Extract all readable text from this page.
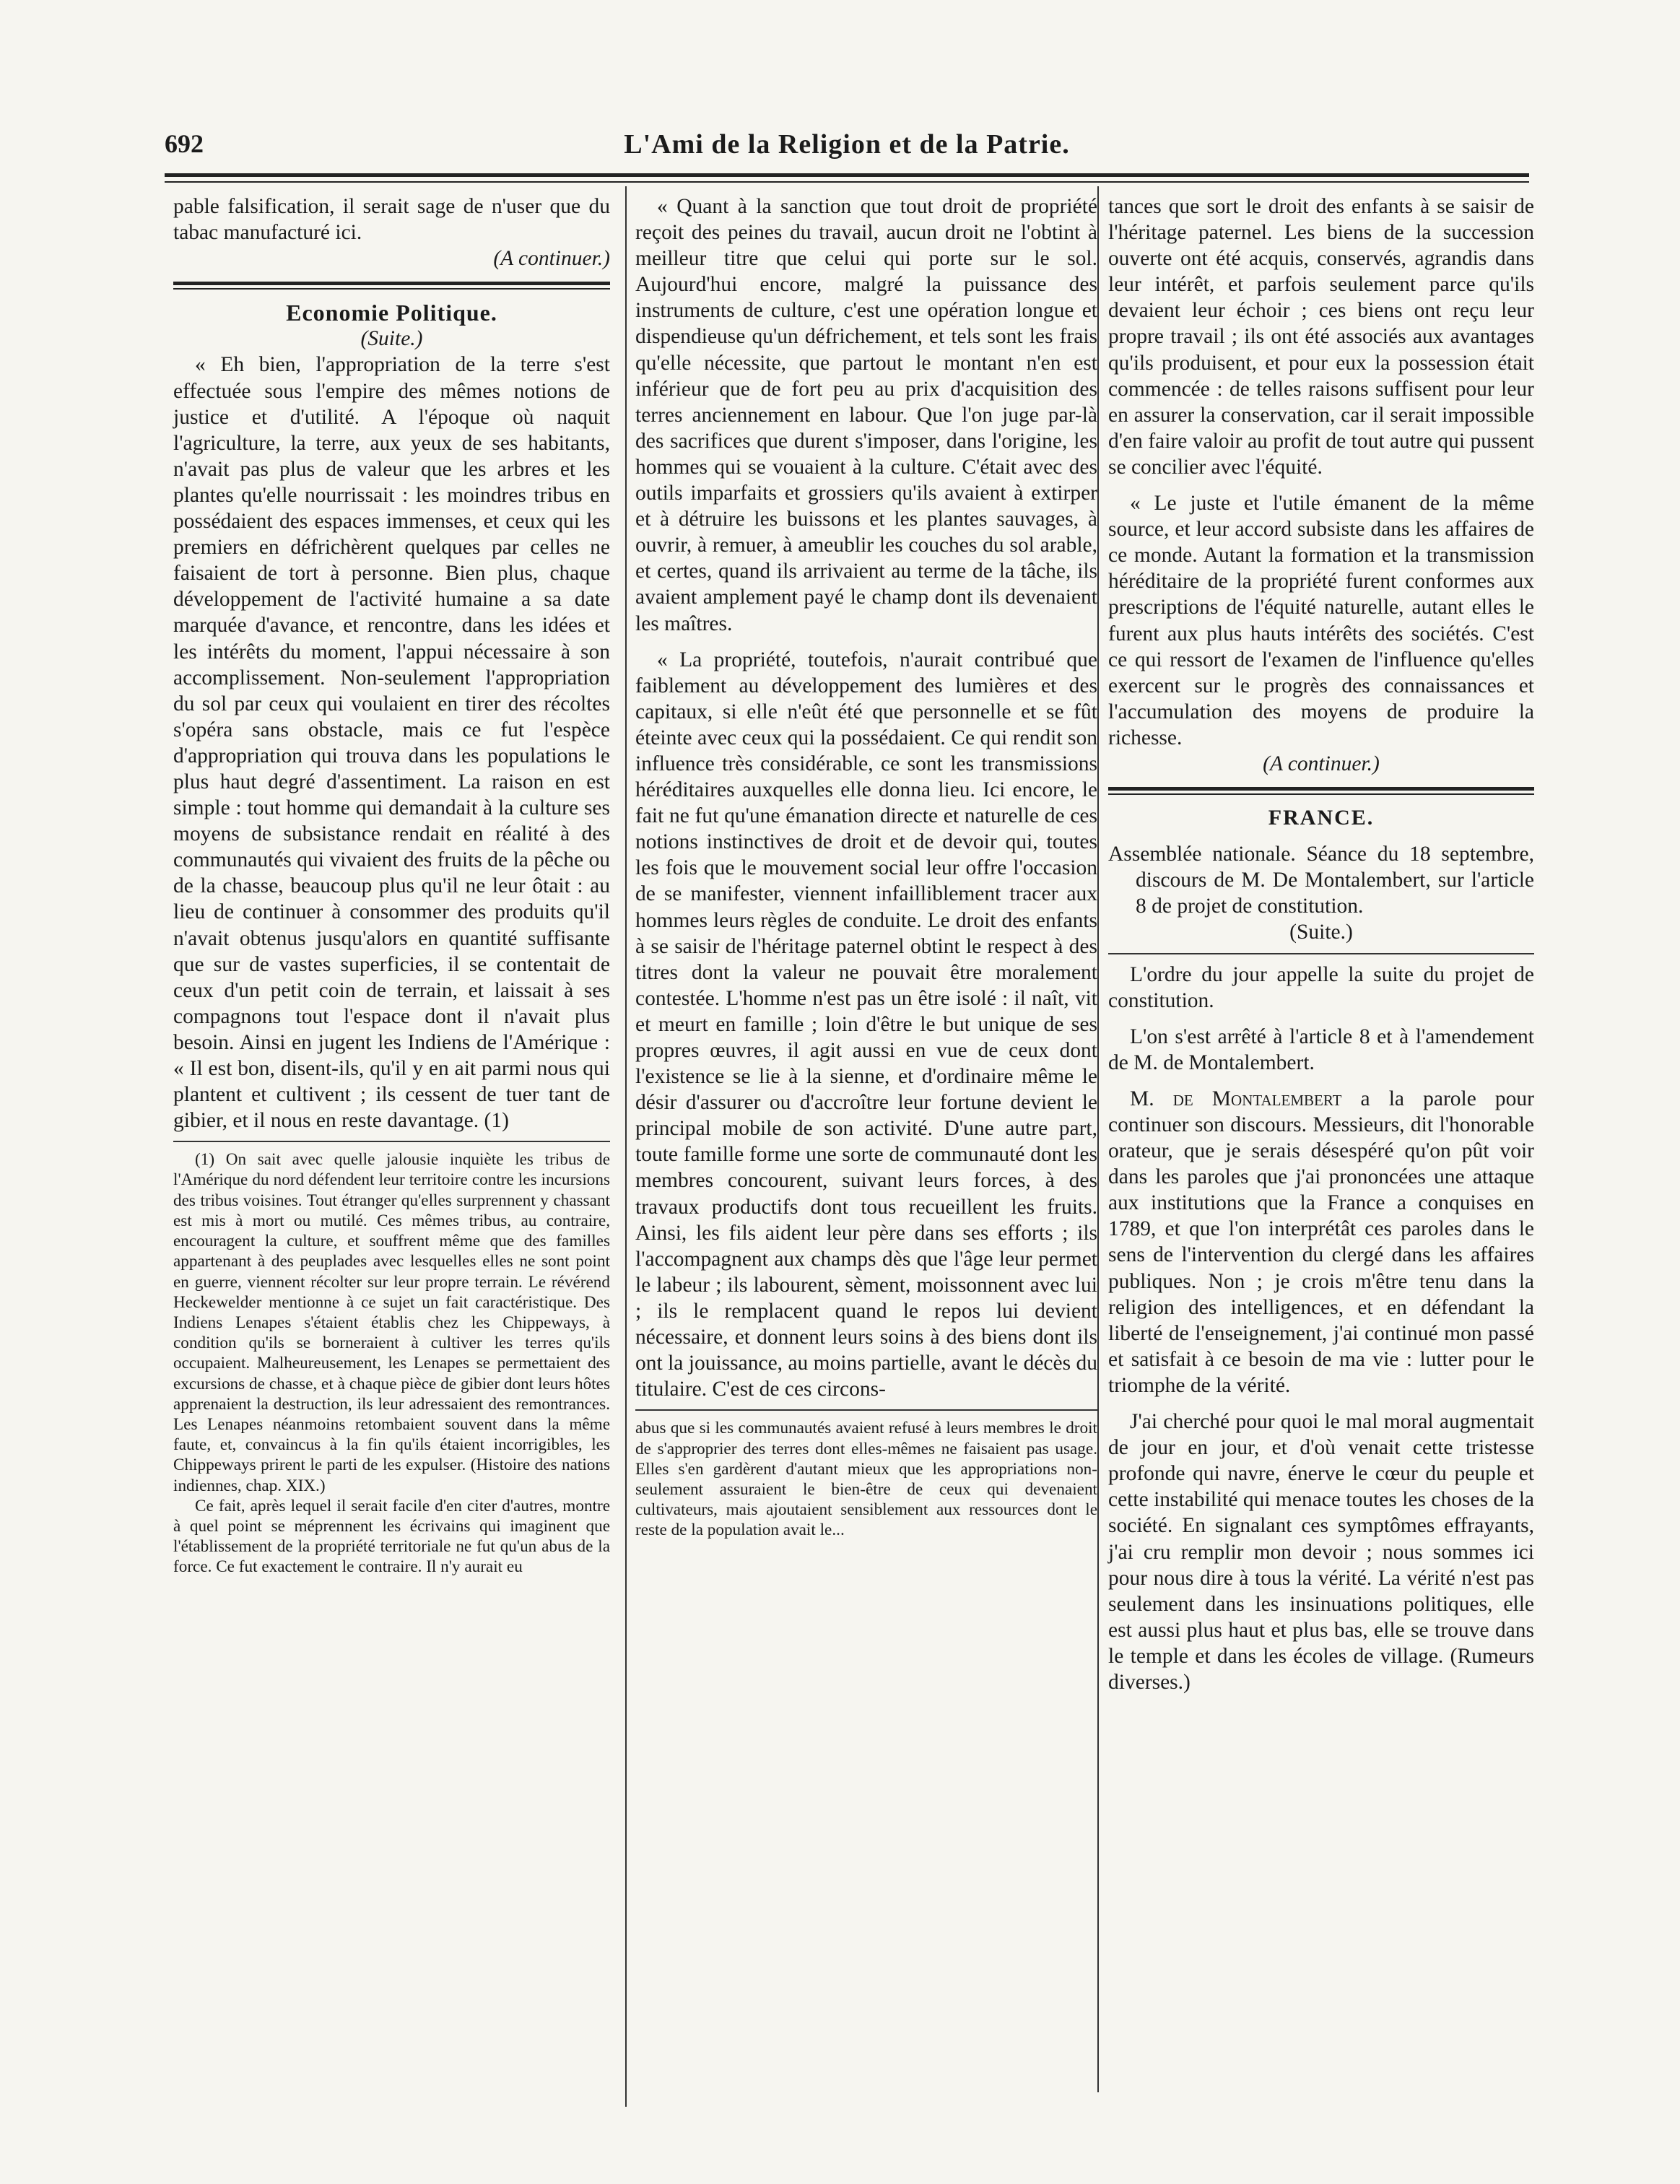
692	L'Ami de la Religion et de la Patrie.

pable falsification, il serait sage de n'user que du tabac manufacturé ici.

(A continuer.)

Economie Politique.

(Suite.)

« Eh bien, l'appropriation de la terre s'est effectuée sous l'empire des mêmes notions de justice et d'utilité. A l'époque où naquit l'agriculture, la terre, aux yeux de ses habitants, n'avait pas plus de valeur que les arbres et les plantes qu'elle nourrissait : les moindres tribus en possédaient des espaces immenses, et ceux qui les premiers en défrichèrent quelques par celles ne faisaient de tort à personne. Bien plus, chaque développement de l'activité humaine a sa date marquée d'avance, et rencontre, dans les idées et les intérêts du moment, l'appui nécessaire à son accomplissement. Non-seulement l'appropriation du sol par ceux qui voulaient en tirer des récoltes s'opéra sans obstacle, mais ce fut l'espèce d'appropriation qui trouva dans les populations le plus haut degré d'assentiment. La raison en est simple : tout homme qui demandait à la culture ses moyens de subsistance rendait en réalité à des communautés qui vivaient des fruits de la pêche ou de la chasse, beaucoup plus qu'il ne leur ôtait : au lieu de continuer à consommer des produits qu'il n'avait obtenus jusqu'alors en quantité suffisante que sur de vastes superficies, il se contentait de ceux d'un petit coin de terrain, et laissait à ses compagnons tout l'espace dont il n'avait plus besoin. Ainsi en jugent les Indiens de l'Amérique : « Il est bon, disent-ils, qu'il y en ait parmi nous qui plantent et cultivent ; ils cessent de tuer tant de gibier, et il nous en reste davantage. (1)

(1) On sait avec quelle jalousie inquiète les tribus de l'Amérique du nord défendent leur territoire contre les incursions des tribus voisines. Tout étranger qu'elles surprennent y chassant est mis à mort ou mutilé. Ces mêmes tribus, au contraire, encouragent la culture, et souffrent même que des familles appartenant à des peuplades avec lesquelles elles ne sont point en guerre, viennent récolter sur leur propre terrain. Le révérend Heckewelder mentionne à ce sujet un fait caractéristique. Des Indiens Lenapes s'étaient établis chez les Chippeways, à condition qu'ils se borneraient à cultiver les terres qu'ils occupaient. Malheureusement, les Lenapes se permettaient des excursions de chasse, et à chaque pièce de gibier dont leurs hôtes apprenaient la destruction, ils leur adressaient des remontrances. Les Lenapes néanmoins retombaient souvent dans la même faute, et, convaincus à la fin qu'ils étaient incorrigibles, les Chippeways prirent le parti de les expulser. (Histoire des nations indiennes, chap. XIX.)

Ce fait, après lequel il serait facile d'en citer d'autres, montre à quel point se méprennent les écrivains qui imaginent que l'établissement de la propriété territoriale ne fut qu'un abus de la force. Ce fut exactement le contraire. Il n'y aurait eu

« Quant à la sanction que tout droit de propriété reçoit des peines du travail, aucun droit ne l'obtint à meilleur titre que celui qui porte sur le sol. Aujourd'hui encore, malgré la puissance des instruments de culture, c'est une opération longue et dispendieuse qu'un défrichement, et tels sont les frais qu'elle nécessite, que partout le montant n'en est inférieur que de fort peu au prix d'acquisition des terres anciennement en labour. Que l'on juge par-là des sacrifices que durent s'imposer, dans l'origine, les hommes qui se vouaient à la culture. C'était avec des outils imparfaits et grossiers qu'ils avaient à extirper et à détruire les buissons et les plantes sauvages, à ouvrir, à remuer, à ameublir les couches du sol arable, et certes, quand ils arrivaient au terme de la tâche, ils avaient amplement payé le champ dont ils devenaient les maîtres.

« La propriété, toutefois, n'aurait contribué que faiblement au développement des lumières et des capitaux, si elle n'eût été que personnelle et se fût éteinte avec ceux qui la possédaient. Ce qui rendit son influence très considérable, ce sont les transmissions héréditaires auxquelles elle donna lieu. Ici encore, le fait ne fut qu'une émanation directe et naturelle de ces notions instinctives de droit et de devoir qui, toutes les fois que le mouvement social leur offre l'occasion de se manifester, viennent infailliblement tracer aux hommes leurs règles de conduite. Le droit des enfants à se saisir de l'héritage paternel obtint le respect à des titres dont la valeur ne pouvait être moralement contestée. L'homme n'est pas un être isolé : il naît, vit et meurt en famille ; loin d'être le but unique de ses propres œuvres, il agit aussi en vue de ceux dont l'existence se lie à la sienne, et d'ordinaire même le désir d'assurer ou d'accroître leur fortune devient le principal mobile de son activité. D'une autre part, toute famille forme une sorte de communauté dont les membres concourent, suivant leurs forces, à des travaux productifs dont tous recueillent les fruits. Ainsi, les fils aident leur père dans ses efforts ; ils l'accompagnent aux champs dès que l'âge leur permet le labeur ; ils labourent, sèment, moissonnent avec lui ; ils le remplacent quand le repos lui devient nécessaire, et donnent leurs soins à des biens dont ils ont la jouissance, au moins partielle, avant le décès du titulaire. C'est de ces circons-

abus que si les communautés avaient refusé à leurs membres le droit de s'approprier des terres dont elles-mêmes ne faisaient pas usage. Elles s'en gardèrent d'autant mieux que les appropriations non-seulement assuraient le bien-être de ceux qui devenaient cultivateurs, mais ajoutaient sensiblement aux ressources dont le reste de la population avait le...

tances que sort le droit des enfants à se saisir de l'héritage paternel. Les biens de la succession ouverte ont été acquis, conservés, agrandis dans leur intérêt, et parfois seulement parce qu'ils devaient leur échoir ; ces biens ont reçu leur propre travail ; ils ont été associés aux avantages qu'ils produisent, et pour eux la possession était commencée : de telles raisons suffisent pour leur en assurer la conservation, car il serait impossible d'en faire valoir au profit de tout autre qui pussent se concilier avec l'équité.

« Le juste et l'utile émanent de la même source, et leur accord subsiste dans les affaires de ce monde. Autant la formation et la transmission héréditaire de la propriété furent conformes aux prescriptions de l'équité naturelle, autant elles le furent aux plus hauts intérêts des sociétés. C'est ce qui ressort de l'examen de l'influence qu'elles exercent sur le progrès des connaissances et l'accumulation des moyens de produire la richesse.

(A continuer.)

FRANCE.

Assemblée nationale. Séance du 18 septembre, discours de M. De Montalembert, sur l'article 8 de projet de constitution.

(Suite.)

L'ordre du jour appelle la suite du projet de constitution.

L'on s'est arrêté à l'article 8 et à l'amendement de M. de Montalembert.

M. de Montalembert a la parole pour continuer son discours. Messieurs, dit l'honorable orateur, que je serais désespéré qu'on pût voir dans les paroles que j'ai prononcées une attaque aux institutions que la France a conquises en 1789, et que l'on interprétât ces paroles dans le sens de l'intervention du clergé dans les affaires publiques. Non ; je crois m'être tenu dans la religion des intelligences, et en défendant la liberté de l'enseignement, j'ai continué mon passé et satisfait à ce besoin de ma vie : lutter pour le triomphe de la vérité.

J'ai cherché pour quoi le mal moral augmentait de jour en jour, et d'où venait cette tristesse profonde qui navre, énerve le cœur du peuple et cette instabilité qui menace toutes les choses de la société. En signalant ces symptômes effrayants, j'ai cru remplir mon devoir ; nous sommes ici pour nous dire à tous la vérité. La vérité n'est pas seulement dans les insinuations politiques, elle est aussi plus haut et plus bas, elle se trouve dans le temple et dans les écoles de village. (Rumeurs diverses.)
